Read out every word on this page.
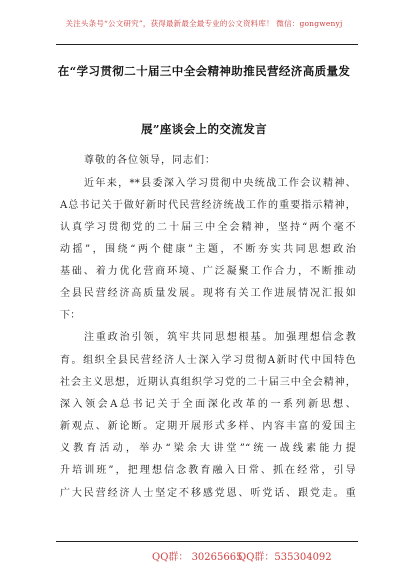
关注头条号“公文研究”，获得最新最全最专业的公文资料库！ 微信：gongwenyj
在“学习贯彻二十届三中全会精神助推民营经济高质量发
展”座谈会上的交流发言
尊敬的各位领导，同志们：
近年来，**县委深入学习贯彻中央统战工作会议精神、
A总书记关于做好新时代民营经济统战工作的重要指示精神，
认真学习贯彻党的二十届三中全会精神，坚持“两个毫不
动摇”，围绕“两个健康”主题，不断夯实共同思想政治
基础、着力优化营商环境、广泛凝聚工作合力，不断推动
全县民营经济高质量发展。现将有关工作进展情况汇报如
下：
注重政治引领，筑牢共同思想根基。加强理想信念教
育。组织全县民营经济人士深入学习贯彻A新时代中国特色
社会主义思想，近期认真组织学习党的二十届三中全会精神，
深入领会A总书记关于全面深化改革的一系列新思想、
新观点、新论断。定期开展形式多样、内容丰富的爱国主
义教育活动，举办“梁余大讲堂”“统一战线素能力提
升培训班”，把理想信念教育融入日常、抓在经常，引导
广大民营经济人士坚定不移感党恩、听党话、跟党走。重
QQ群： 30265665
QQ群：535304092
